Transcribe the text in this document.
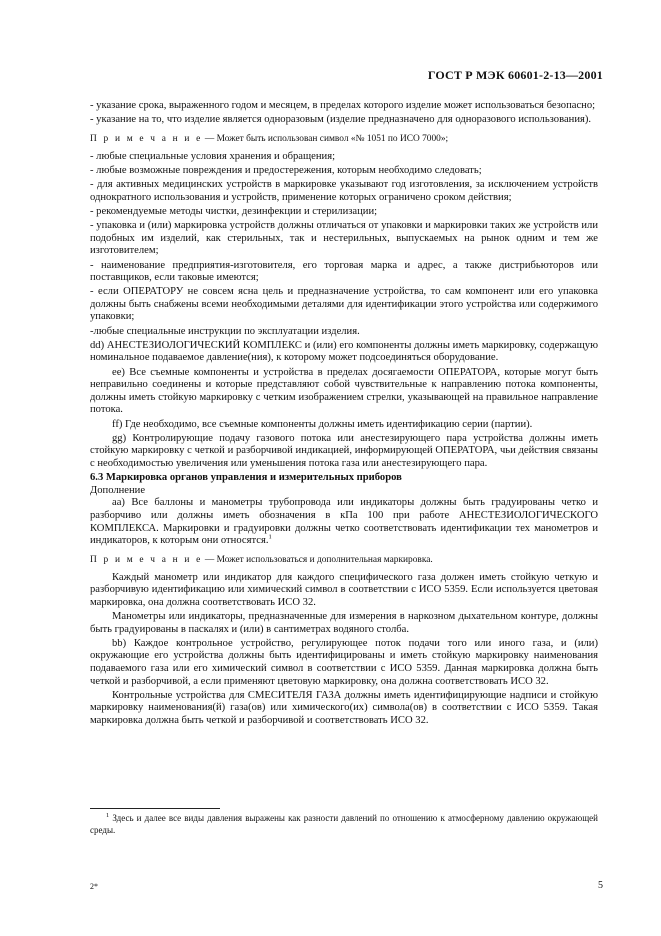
ГОСТ Р МЭК 60601-2-13—2001

- указание срока, выраженного годом и месяцем, в пределах которого изделие может использоваться безопасно;

- указание на то, что изделие является одноразовым (изделие предназначено для одноразового использования).

П р и м е ч а н и е — Может быть использован символ «№ 1051 по ИСО 7000»;

- любые специальные условия хранения и обращения;

- любые возможные повреждения и предостережения, которым необходимо следовать;

- для активных медицинских устройств в маркировке указывают год изготовления, за исключением устройств однократного использования и устройств, применение которых ограничено сроком действия;

- рекомендуемые методы чистки, дезинфекции и стерилизации;

- упаковка и (или) маркировка устройств должны отличаться от упаковки и маркировки таких же устройств или подобных им изделий, как стерильных, так и нестерильных, выпускаемых на рынок одним и тем же изготовителем;

- наименование предприятия-изготовителя, его торговая марка и адрес, а также дистрибьюторов или поставщиков, если таковые имеются;

- если ОПЕРАТОРУ не совсем ясна цель и предназначение устройства, то сам компонент или его упаковка должны быть снабжены всеми необходимыми деталями для идентификации этого устройства или содержимого упаковки;

-любые специальные инструкции по эксплуатации изделия.

dd) АНЕСТЕЗИОЛОГИЧЕСКИЙ КОМПЛЕКС и (или) его компоненты должны иметь маркировку, содержащую номинальное подаваемое давление(ния), к которому может подсоединяться оборудование.

ee) Все съемные компоненты и устройства в пределах досягаемости ОПЕРАТОРА, которые могут быть неправильно соединены и которые представляют собой чувствительные к направлению потока компоненты, должны иметь стойкую маркировку с четким изображением стрелки, указывающей на правильное направление потока.

ff) Где необходимо, все съемные компоненты должны иметь идентификацию серии (партии).

gg) Контролирующие подачу газового потока или анестезирующего пара устройства должны иметь стойкую маркировку с четкой и разборчивой индикацией, информирующей ОПЕРАТОРА, чьи действия связаны с необходимостью увеличения или уменьшения потока газа или анестезирующего пара.

6.3 Маркировка органов управления и измерительных приборов

Дополнение

аа) Все баллоны и манометры трубопровода или индикаторы должны быть градуированы четко и разборчиво или должны иметь обозначения в кПа 100 при работе АНЕСТЕЗИОЛОГИЧЕСКОГО КОМПЛЕКСА. Маркировки и градуировки должны четко соответствовать идентификации тех манометров и индикаторов, к которым они относятся.$^1$

П р и м е ч а н и е — Может использоваться и дополнительная маркировка.

Каждый манометр или индикатор для каждого специфического газа должен иметь стойкую четкую и разборчивую идентификацию или химический символ в соответствии с ИСО 5359. Если используется цветовая маркировка, она должна соответствовать ИСО 32.

Манометры или индикаторы, предназначенные для измерения в наркозном дыхательном контуре, должны быть градуированы в паскалях и (или) в сантиметрах водяного столба.

bb) Каждое контрольное устройство, регулирующее поток подачи того или иного газа, и (или) окружающие его устройства должны быть идентифицированы и иметь стойкую маркировку наименования подаваемого газа или его химический символ в соответствии с ИСО 5359. Данная маркировка должна быть четкой и разборчивой, а если применяют цветовую маркировку, она должна соответствовать ИСО 32.

Контрольные устройства для СМЕСИТЕЛЯ ГАЗА должны иметь идентифицирующие надписи и стойкую маркировку наименования(й) газа(ов) или химического(их) символа(ов) в соответствии с ИСО 5359. Такая маркировка должна быть четкой и разборчивой и соответствовать ИСО 32.

$^1$ Здесь и далее все виды давления выражены как разности давлений по отношению к атмосферному давлению окружающей среды.

2*	5
